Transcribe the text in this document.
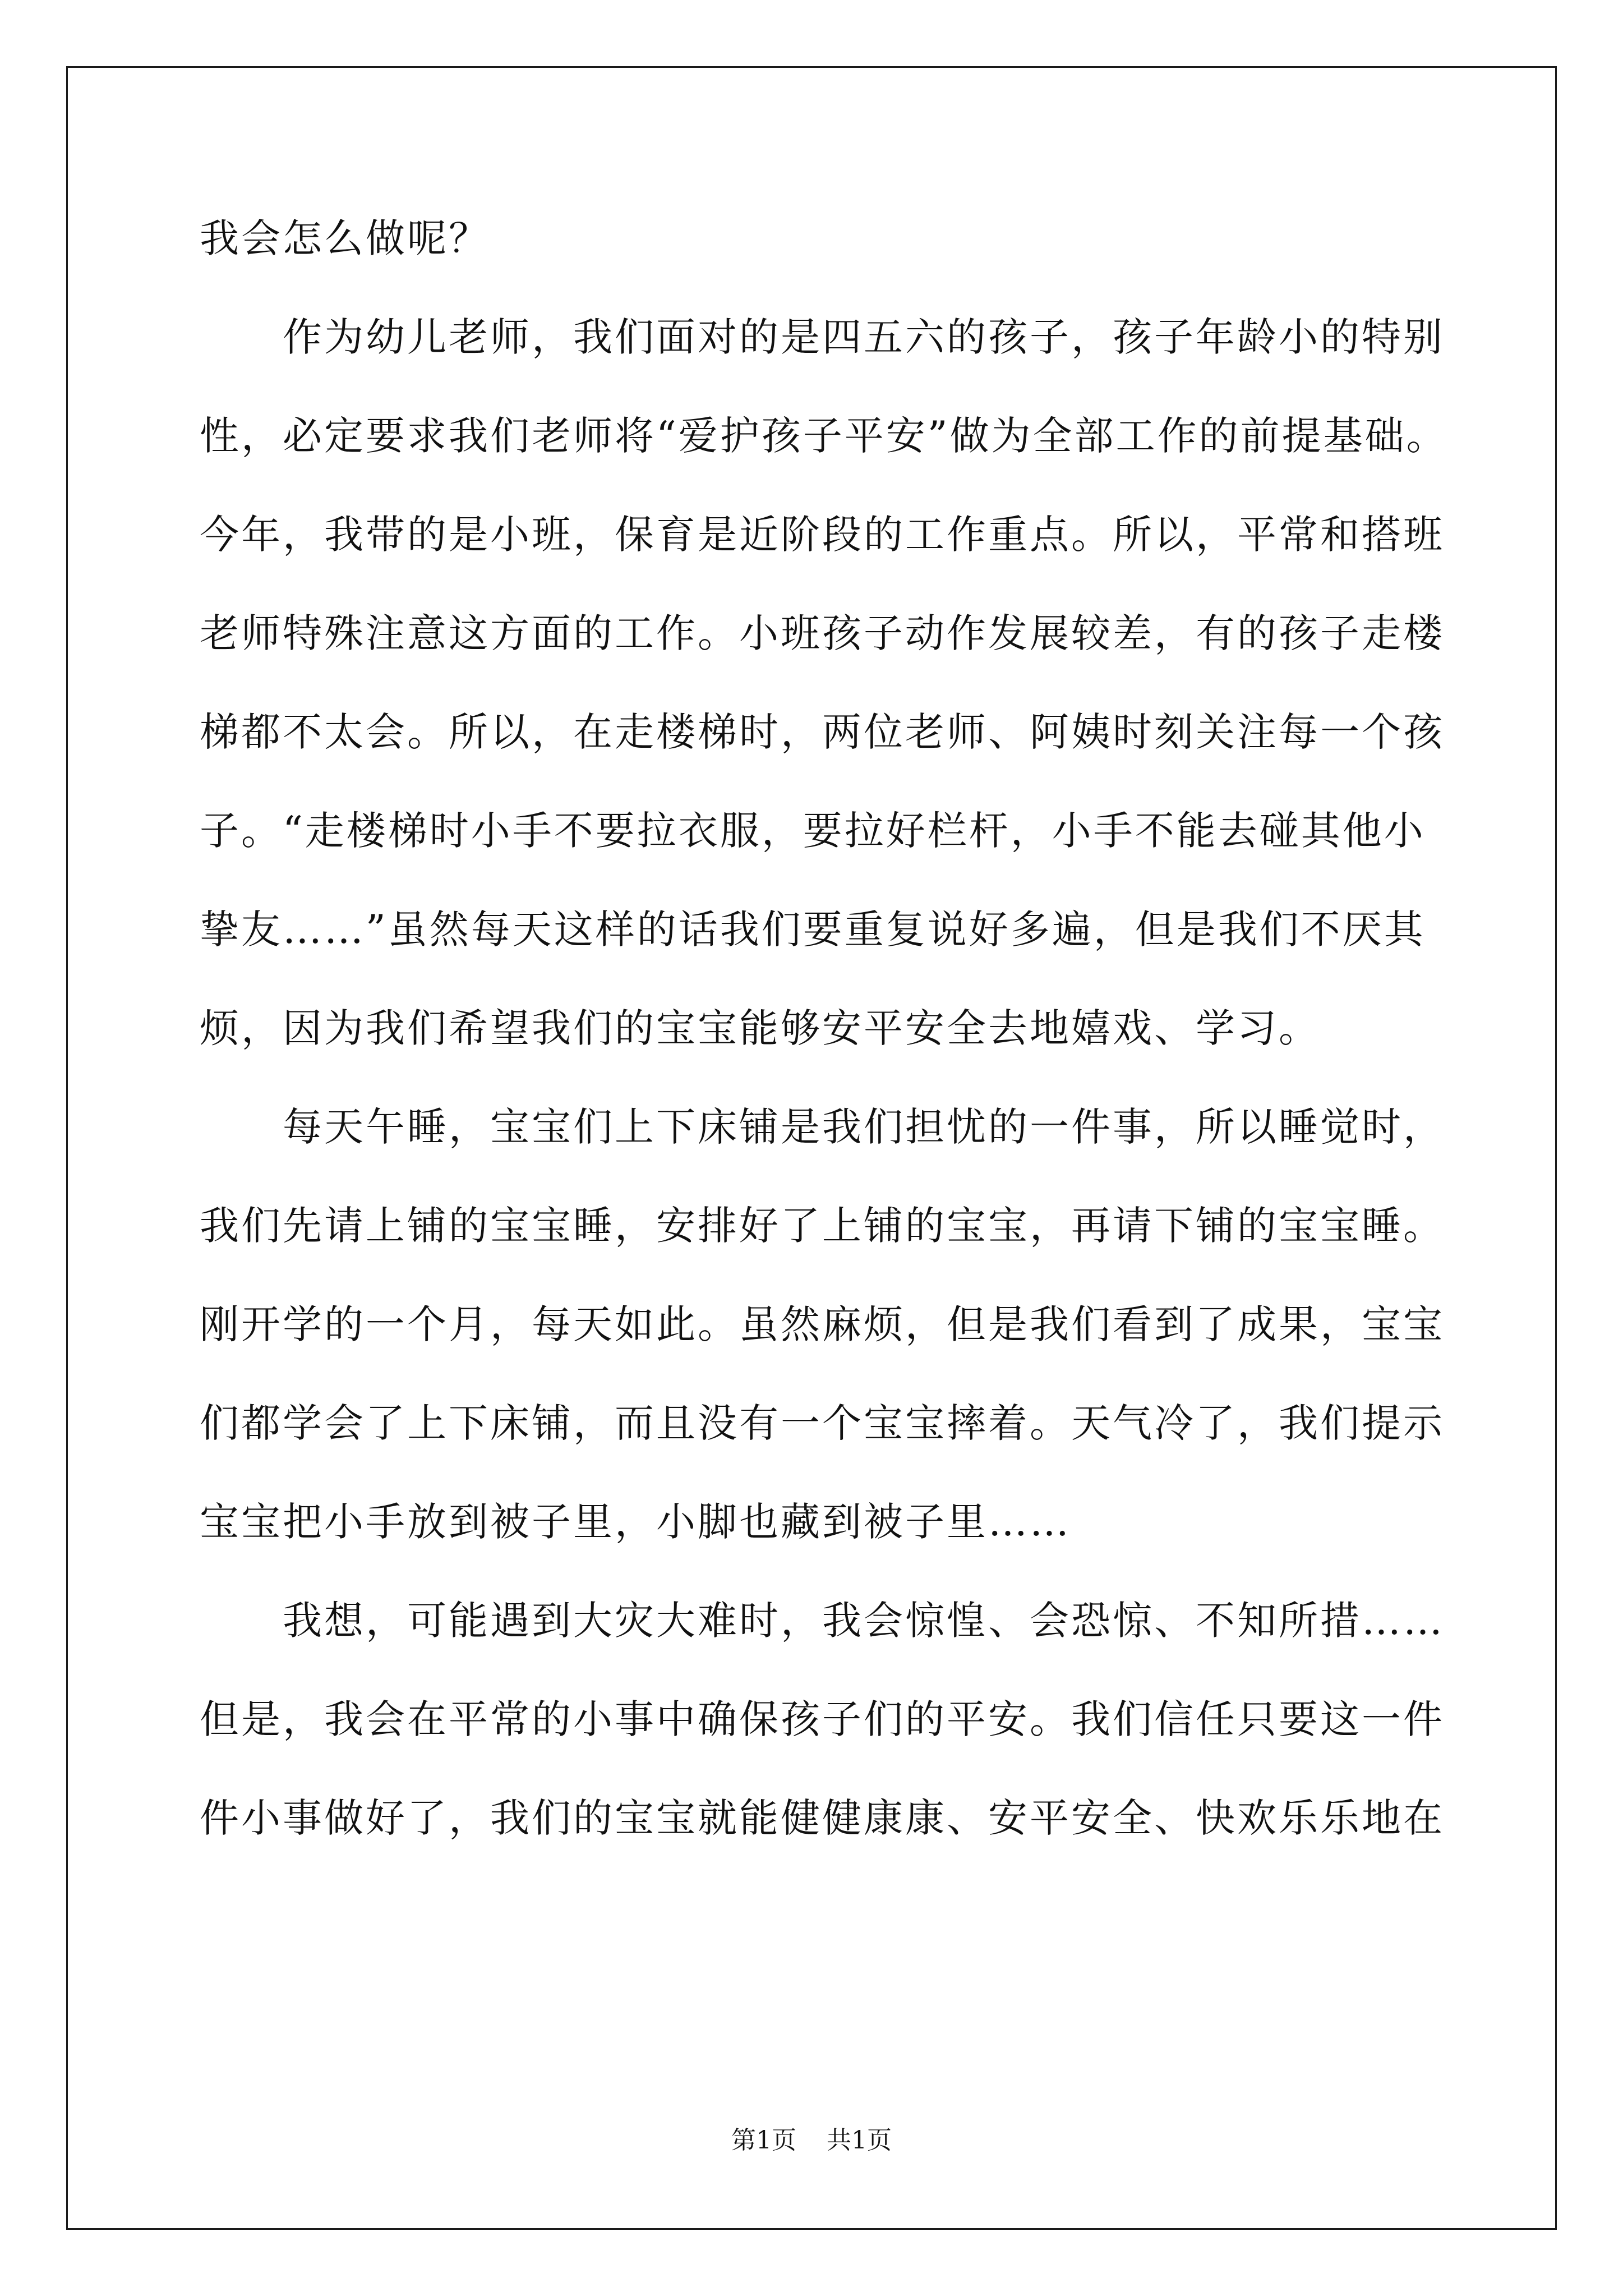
我会怎么做呢？
　　作为幼儿老师，我们面对的是四五六的孩子，孩子年龄小的特别
性，必定要求我们老师将“爱护孩子平安”做为全部工作的前提基础。
今年，我带的是小班，保育是近阶段的工作重点。所以，平常和搭班
老师特殊注意这方面的工作。小班孩子动作发展较差，有的孩子走楼
梯都不太会。所以，在走楼梯时，两位老师、阿姨时刻关注每一个孩
子。“走楼梯时小手不要拉衣服，要拉好栏杆，小手不能去碰其他小
挚友……”虽然每天这样的话我们要重复说好多遍，但是我们不厌其
烦，因为我们希望我们的宝宝能够安平安全去地嬉戏、学习。
　　每天午睡，宝宝们上下床铺是我们担忧的一件事，所以睡觉时，
我们先请上铺的宝宝睡，安排好了上铺的宝宝，再请下铺的宝宝睡。
刚开学的一个月，每天如此。虽然麻烦，但是我们看到了成果，宝宝
们都学会了上下床铺，而且没有一个宝宝摔着。天气冷了，我们提示
宝宝把小手放到被子里，小脚也藏到被子里……
　　我想，可能遇到大灾大难时，我会惊惶、会恐惊、不知所措……
但是，我会在平常的小事中确保孩子们的平安。我们信任只要这一件
件小事做好了，我们的宝宝就能健健康康、安平安全、快欢乐乐地在
第1页 共1页
